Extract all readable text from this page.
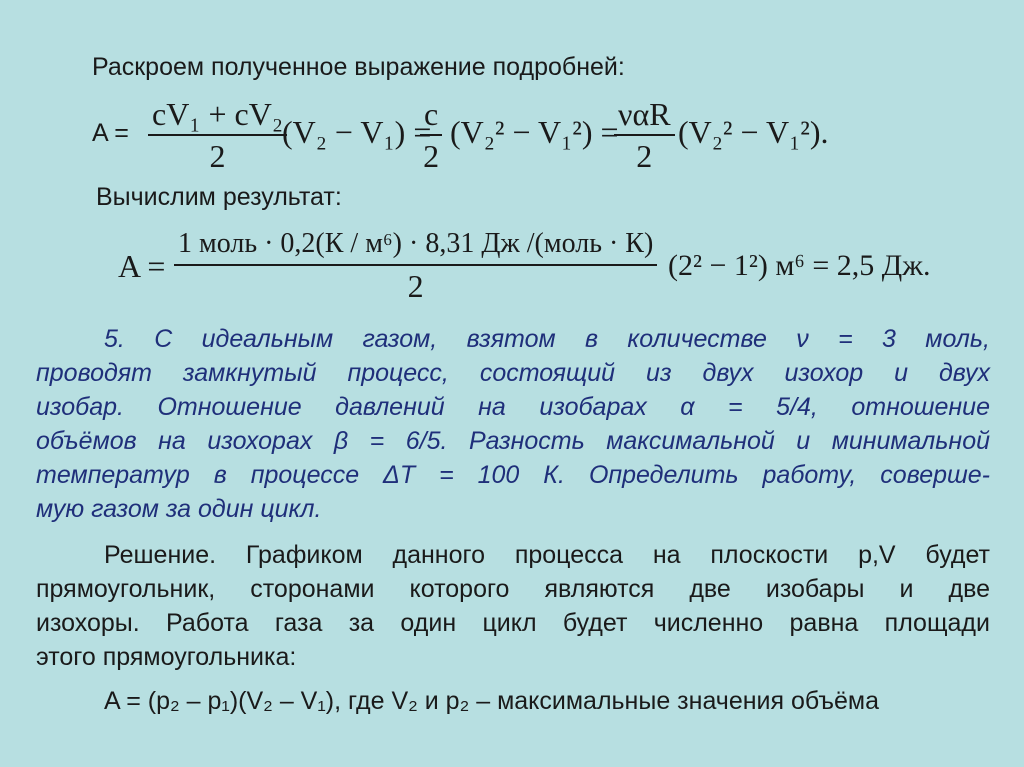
Раскроем полученное выражение подробней:
$A = \frac{\text{cV₁ + cV₂}}{2}$
(V₂ − V₁) =
$\frac{c}{2} (V_2^2 - V_1^2) = \nu\alpha R$
2
(V₂² − V₁²).
Вычислим результат:
A =
1 моль · 0,2(К / м⁶) · 8,31 Дж /(моль · К)
2
(2² − 1²) м⁶ = 2,5 Дж.
5. С идеальным газом, взятом в количестве ν = 3 моль,
проводят замкнутый процесс, состоящий из двух изохор и двух
изобар. Отношение давлений на изобарах α = 5/4, отношение
объёмов на изохорах β = 6/5. Разность максимальной и минимальной
температур в процессе ΔT = 100 К. Определить работу, соверше-
мую газом за один цикл.
Решение. Графиком данного процесса на плоскости p,V будет
прямоугольник, сторонами которого являются две изобары и две
изохоры. Работа газа за один цикл будет численно равна площади
этого прямоугольника:
A = (p₂ – p₁)(V₂ – V₁), где V₂ и p₂ – максимальные значения объёма
